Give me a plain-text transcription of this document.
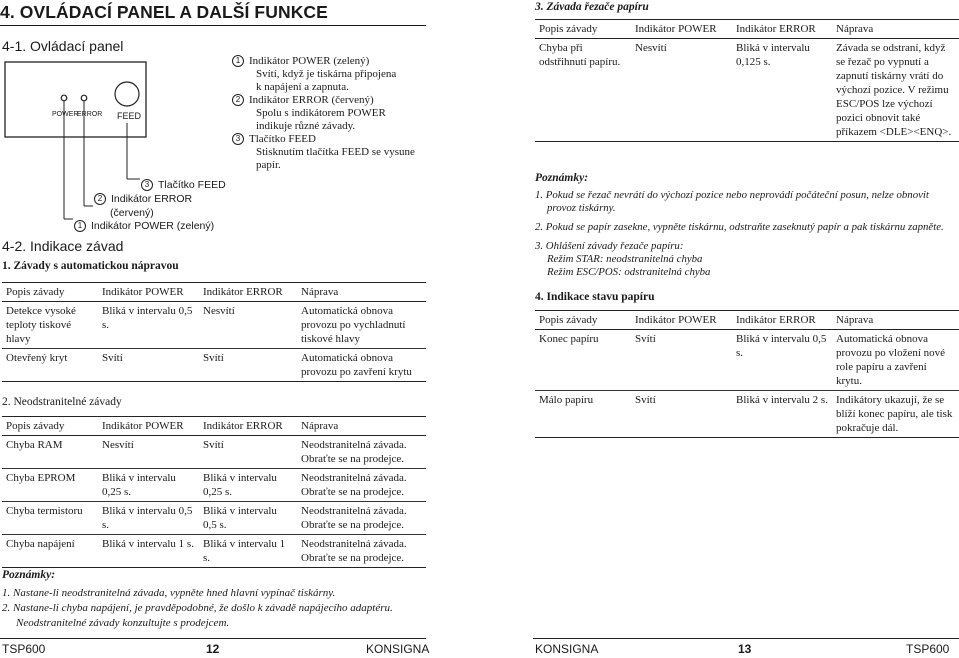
4. OVLÁDACÍ PANEL A DALŠÍ FUNKCE
4-1. Ovládací panel
POWER
ERROR FEED
3 Tlačítko FEED
2 Indikátor ERROR
(červený)
1 Indikátor POWER (zelený)
1 Indikátor POWER (zelený)
Svítí, když je tiskárna připojena
k napájení a zapnuta.
2 Indikátor ERROR (červený)
Spolu s indikátorem POWER
indikuje různé závady.
3 Tlačítko FEED
Stisknutím tlačítka FEED se vysune
papír.
4-2. Indikace závad
1. Závady s automatickou nápravou
Popis závady	Indikátor POWER	Indikátor ERROR	Náprava
Detekce vysoké teploty tiskové hlavy	Bliká v intervalu 0,5 s.	Nesvítí	Automatická obnova provozu po vychladnutí tiskové hlavy
Otevřený kryt	Svítí	Svítí	Automatická obnova provozu po zavření krytu
2. Neodstranitelné závady
Popis závady	Indikátor POWER	Indikátor ERROR	Náprava
Chyba RAM	Nesvítí	Svítí	Neodstranitelná závada. Obraťte se na prodejce.
Chyba EPROM	Bliká v intervalu 0,25 s.	Bliká v intervalu 0,25 s.	Neodstranitelná závada. Obraťte se na prodejce.
Chyba termistoru	Bliká v intervalu 0,5 s.	Bliká v intervalu 0,5 s.	Neodstranitelná závada. Obraťte se na prodejce.
Chyba napájení	Bliká v intervalu 1 s.	Bliká v intervalu 1 s.	Neodstranitelná závada. Obraťte se na prodejce.
Poznámky:
1. Nastane-li neodstranitelná závada, vypněte hned hlavní vypínač tiskárny.
2. Nastane-li chyba napájení, je pravděpodobné, že došlo k závadě napájecího adaptéru.
Neodstranitelné závady konzultujte s prodejcem.
TSP600	12	KONSIGNA
3. Závada řezače papíru
Popis závady	Indikátor POWER	Indikátor ERROR	Náprava
Chyba při odstřihnutí papíru.	Nesvítí	Bliká v intervalu 0,125 s.	Závada se odstraní, když se řezač po vypnutí a zapnutí tiskárny vrátí do výchozí pozice. V režimu ESC/POS lze výchozí pozici obnovit také příkazem <DLE><ENQ>.
Poznámky:
1. Pokud se řezač nevrátí do výchozí pozice nebo neprovádí počáteční posun, nelze obnovit
provoz tiskárny.
2. Pokud se papír zasekne, vypněte tiskárnu, odstraňte zaseknutý papír a pak tiskárnu zapněte.
3. Ohlášení závady řezače papíru:
Režim STAR: neodstranitelná chyba
Režim ESC/POS: odstranitelná chyba
4. Indikace stavu papíru
Popis závady	Indikátor POWER	Indikátor ERROR	Náprava
Konec papíru	Svítí	Bliká v intervalu 0,5 s.	Automatická obnova provozu po vložení nové role papíru a zavření krytu.
Málo papíru	Svítí	Bliká v intervalu 2 s.	Indikátory ukazují, že se blíží konec papíru, ale tisk pokračuje dál.
KONSIGNA	13	TSP600
